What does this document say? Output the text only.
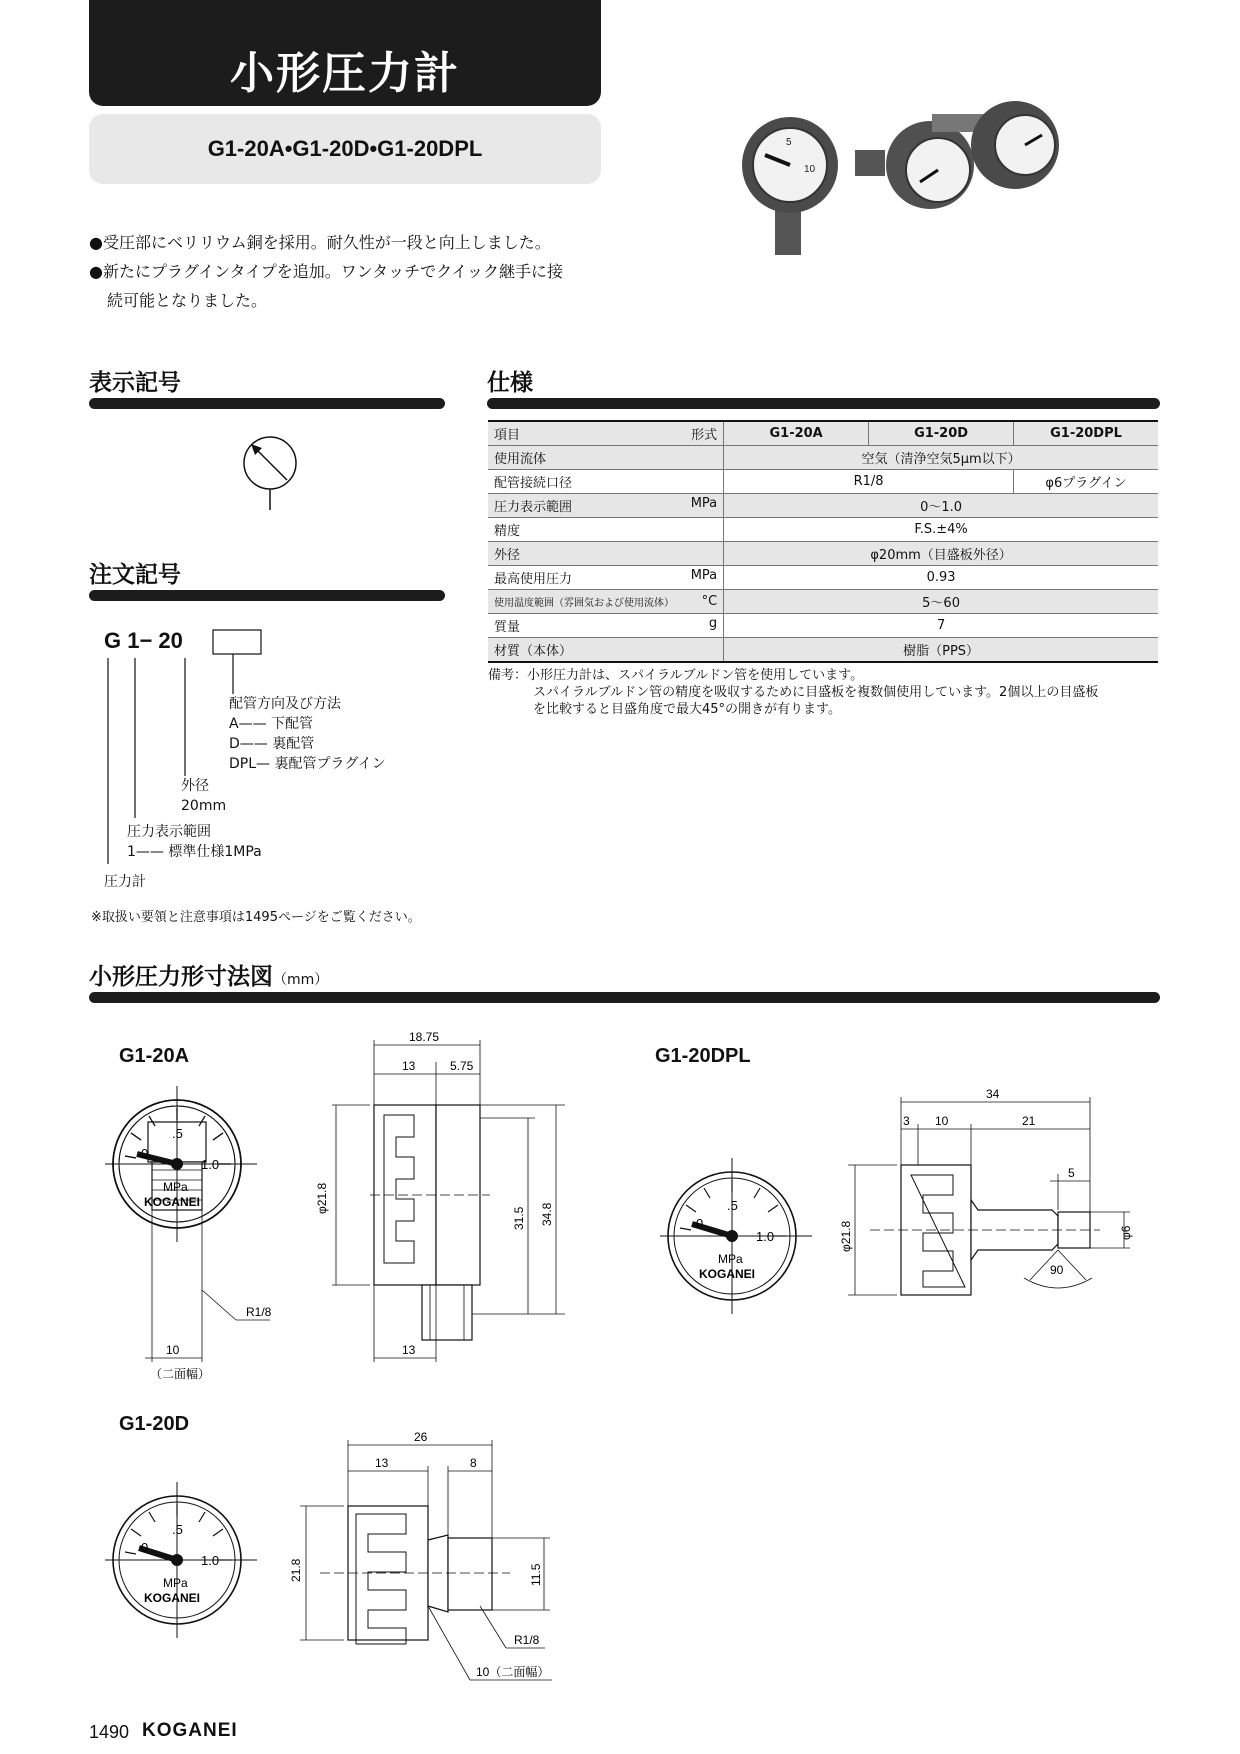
小形圧力計
G1-20A•G1-20D•G1-20DPL	5
10
●受圧部にベリリウム銅を採用。耐久性が一段と向上しました。
●新たにプラグインタイプを追加。ワンタッチでクイック継手に接
続可能となりました。
表示記号
注文記号
G 1− 20
配管方向及び方法
A—— 下配管
D—— 裏配管
DPL— 裏配管プラグイン
外径
20mm
圧力表示範囲
1—— 標準仕様1MPa
圧力計
※取扱い要領と注意事項は1495ページをご覧ください。
仕様
項目 形式	G1-20A	G1-20D	G1-20DPL
使用流体	空気（清浄空気5μm以下）		
配管接続口径	R1/8		φ6プラグイン

圧力表示範囲 MPa	0〜1.0		
精度	F.S.±4%		
外径	φ20mm（目盛板外径）		

最高使用圧力 MPa	0.93		

使用温度範囲（雰囲気および使用流体） °C	5〜60		

質量 g	7		
材質（本体）	樹脂（PPS）		
備考：小形圧力計は、スパイラルブルドン管を使用しています。
スパイラルブルドン管の精度を吸収するために目盛板を複数個使用しています。2個以上の目盛板
を比較すると目盛角度で最大45°の開きが有ります。
小形圧力形寸法図（mm）
G1-20A
G1-20D
G1-20DPL
.5
0
1.0
MPa
KOGANEI
10
（二面幅）
R1/8
18.75
13	5.75
φ21.8
31.5 34.8
13
.5
0
1.0
MPa
KOGANEI
26
13	8
21.8	11.5
R1/8
10（二面幅）
.5
0
1.0
MPa
KOGANEI
34
3 10	21
5
φ21.8	φ6
90
1490 KOGANEI
